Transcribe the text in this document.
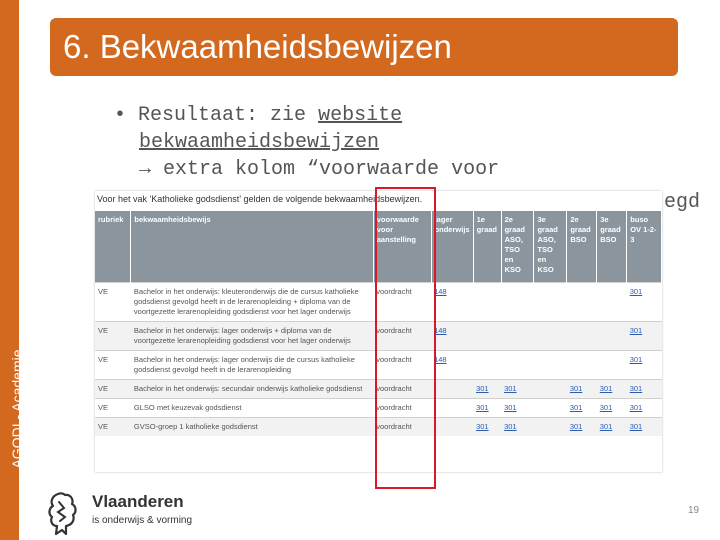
AGODI - Academie
6. Bekwaamheidsbewijzen
• Resultaat: zie website
bekwaamheidsbewijzen
→ extra kolom “voorwaarde voor
egd
Voor het vak 'Katholieke godsdienst' gelden de volgende bekwaamheidsbewijzen.
rubriek	bekwaamheidsbewijs	voorwaarde voor aanstelling	lager onderwijs	1e graad	2e graad ASO, TSO en KSO	3e graad ASO, TSO en KSO	2e graad BSO	3e graad BSO	buso OV 1-2-3
VE	Bachelor in het onderwijs: kleuteronderwijs die de cursus katholieke godsdienst gevolgd heeft in de lerarenopleiding + diploma van de voortgezette lerarenopleiding godsdienst voor het lager onderwijs	voordracht	148						301
VE	Bachelor in het onderwijs: lager onderwijs + diploma van de voortgezette lerarenopleiding godsdienst voor het lager onderwijs	voordracht	148						301
VE	Bachelor in het onderwijs: lager onderwijs die de cursus katholieke godsdienst gevolgd heeft in de lerarenopleiding	voordracht	148						301
VE	Bachelor in het onderwijs: secundair onderwijs katholieke godsdienst	voordracht		301	301		301	301	301
VE	GLSO met keuzevak godsdienst	voordracht		301	301		301	301	301
VE	GVSO-groep 1 katholieke godsdienst	voordracht		301	301		301	301	301
Vlaanderen
is onderwijs & vorming
19
